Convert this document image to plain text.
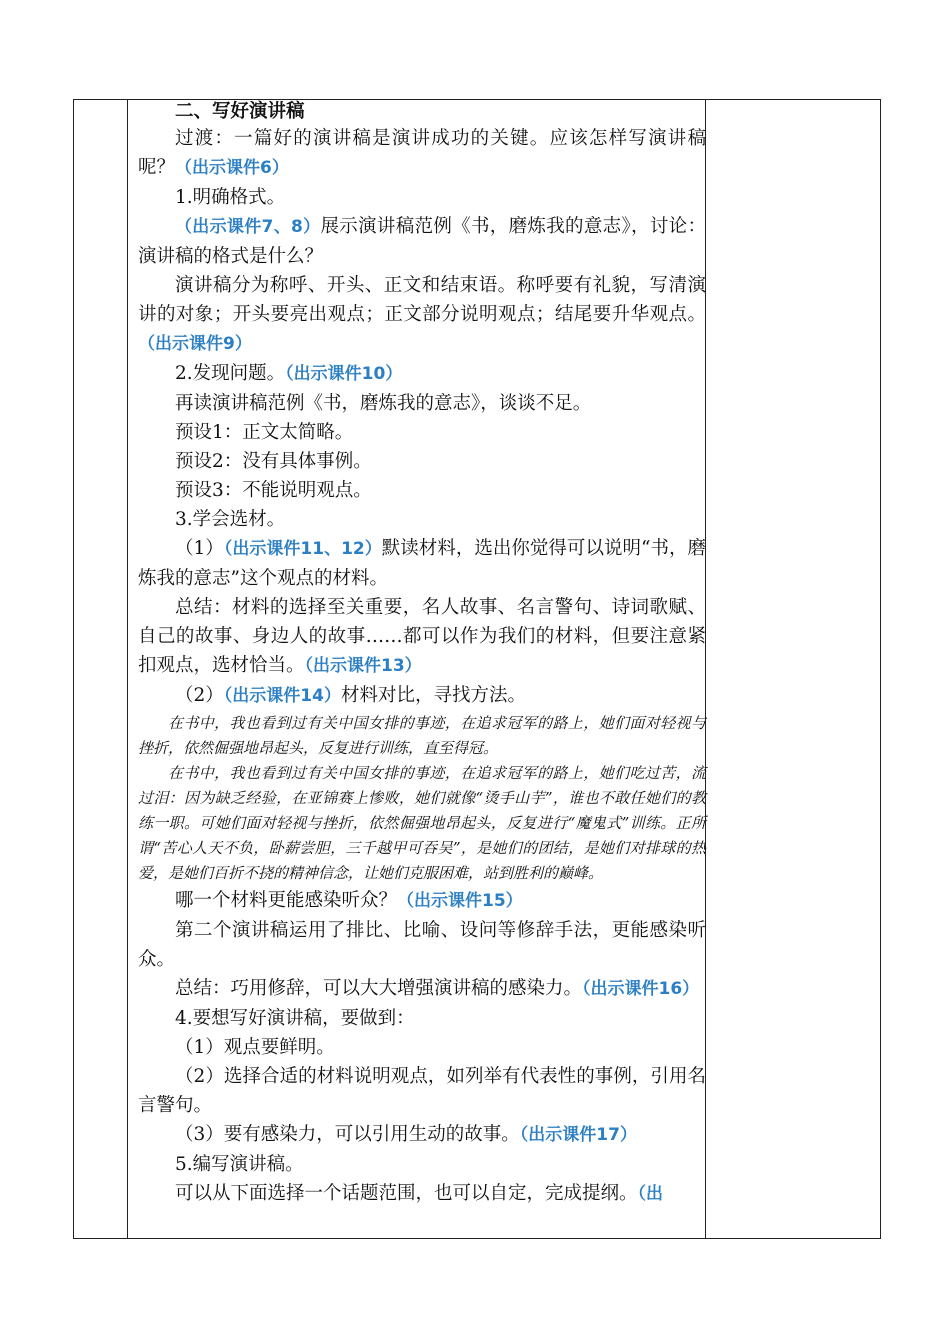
二、写好演讲稿

过渡：一篇好的演讲稿是演讲成功的关键。应该怎样写演讲稿呢？（出示课件6）

1.明确格式。

（出示课件7、8）展示演讲稿范例《书，磨炼我的意志》，讨论：演讲稿的格式是什么？

演讲稿分为称呼、开头、正文和结束语。称呼要有礼貌，写清演讲的对象；开头要亮出观点；正文部分说明观点；结尾要升华观点。（出示课件9）

2.发现问题。（出示课件10）

再读演讲稿范例《书，磨炼我的意志》，谈谈不足。

预设1：正文太简略。

预设2：没有具体事例。

预设3：不能说明观点。

3.学会选材。

（1）（出示课件11、12）默读材料，选出你觉得可以说明“书，磨炼我的意志”这个观点的材料。

总结：材料的选择至关重要，名人故事、名言警句、诗词歌赋、自己的故事、身边人的故事……都可以作为我们的材料，但要注意紧扣观点，选材恰当。（出示课件13）

（2）（出示课件14）材料对比，寻找方法。

在书中，我也看到过有关中国女排的事迹，在追求冠军的路上，她们面对轻视与挫折，依然倔强地昂起头，反复进行训练，直至得冠。

在书中，我也看到过有关中国女排的事迹，在追求冠军的路上，她们吃过苦，流过泪：因为缺乏经验，在亚锦赛上惨败，她们就像“烫手山芋”，谁也不敢任她们的教练一职。可她们面对轻视与挫折，依然倔强地昂起头，反复进行“魔鬼式”训练。正所谓“苦心人天不负，卧薪尝胆，三千越甲可吞吴”，是她们的团结，是她们对排球的热爱，是她们百折不挠的精神信念，让她们克服困难，站到胜利的巅峰。

哪一个材料更能感染听众？（出示课件15）

第二个演讲稿运用了排比、比喻、设问等修辞手法，更能感染听众。

总结：巧用修辞，可以大大增强演讲稿的感染力。（出示课件16）

4.要想写好演讲稿，要做到：

（1）观点要鲜明。

（2）选择合适的材料说明观点，如列举有代表性的事例，引用名言警句。

（3）要有感染力，可以引用生动的故事。（出示课件17）

5.编写演讲稿。

可以从下面选择一个话题范围，也可以自定，完成提纲。（出
